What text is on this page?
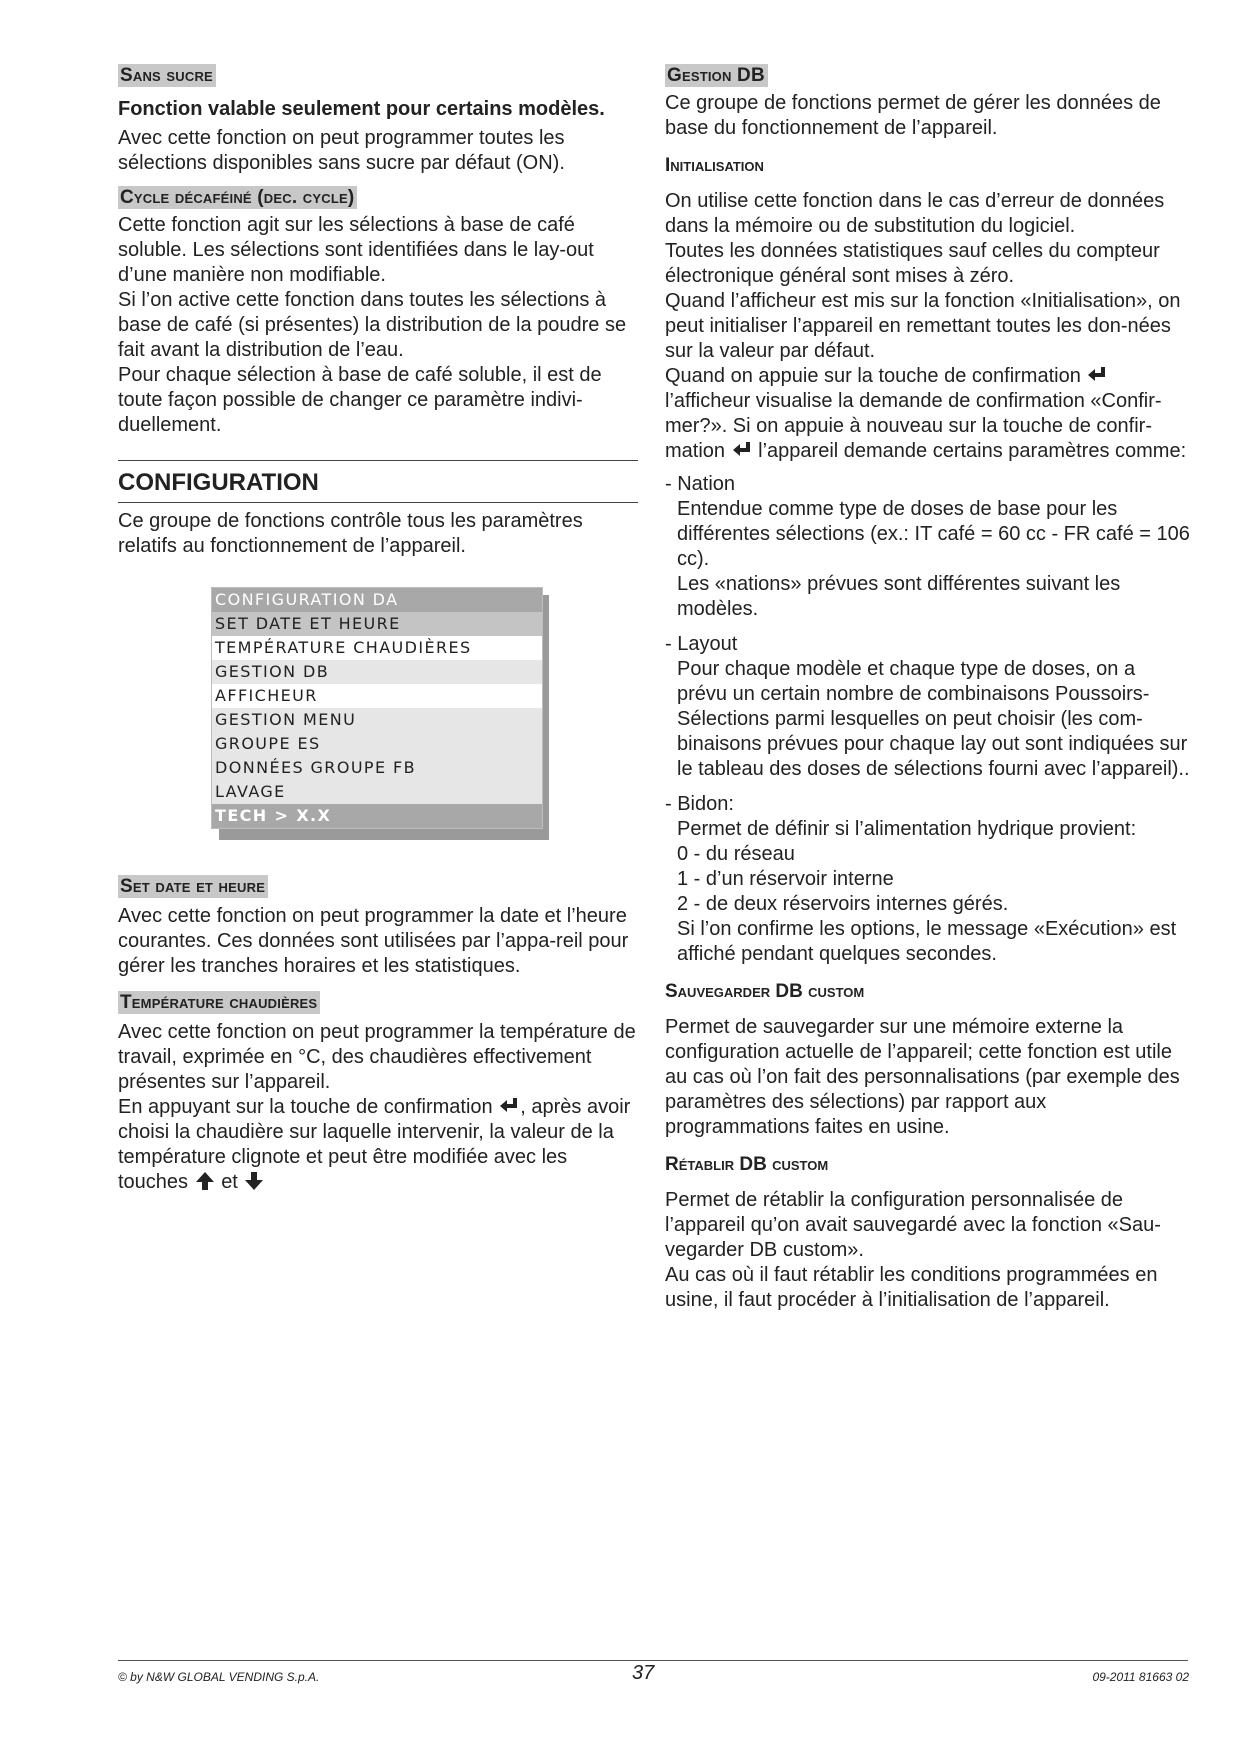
Sans sucre

Fonction valable seulement pour certains modèles.

Avec cette fonction on peut programmer toutes les sélections disponibles sans sucre par défaut (ON).

Cycle décaféiné (dec. cycle)

Cette fonction agit sur les sélections à base de café soluble. Les sélections sont identifiées dans le lay-out d’une manière non modifiable.

Si l’on active cette fonction dans toutes les sélections à base de café (si présentes) la distribution de la poudre se fait avant la distribution de l’eau.

Pour chaque sélection à base de café soluble, il est de toute façon possible de changer ce paramètre indivi-duellement.

CONFIGURATION

Ce groupe de fonctions contrôle tous les paramètres relatifs au fonctionnement de l’appareil.

CONFIGURATION DA
SET DATE ET HEURE
TEMPÉRATURE CHAUDIÈRES
GESTION DB
AFFICHEUR
GESTION MENU
GROUPE ES
DONNÉES GROUPE FB
LAVAGE
TECH > X.X
Set date et heure

Avec cette fonction on peut programmer la date et l’heure courantes. Ces données sont utilisées par l’appa-reil pour gérer les tranches horaires et les statistiques.

Température chaudières

Avec cette fonction on peut programmer la température de travail, exprimée en °C, des chaudières effectivement présentes sur l’appareil.

En appuyant sur la touche de confirmation , après avoir choisi la chaudière sur laquelle intervenir, la valeur de la température clignote et peut être modifiée avec les touches et

Gestion DB

Ce groupe de fonctions permet de gérer les données de base du fonctionnement de l’appareil.

Initialisation

On utilise cette fonction dans le cas d’erreur de données dans la mémoire ou de substitution du logiciel.

Toutes les données statistiques sauf celles du compteur électronique général sont mises à zéro.

Quand l’afficheur est mis sur la fonction «Initialisation», on peut initialiser l’appareil en remettant toutes les don-nées sur la valeur par défaut.

Quand on appuie sur la touche de confirmation  l’afficheur visualise la demande de confirmation «Confir-mer?». Si on appuie à nouveau sur la touche de confir-mation l’appareil demande certains paramètres comme:

- Nation

Entendue comme type de doses de base pour les différentes sélections (ex.: IT café = 60 cc - FR café = 106 cc).

Les «nations» prévues sont différentes suivant les modèles.

- Layout

Pour chaque modèle et chaque type de doses, on a prévu un certain nombre de combinaisons Poussoirs-Sélections parmi lesquelles on peut choisir (les com-binaisons prévues pour chaque lay out sont indiquées sur le tableau des doses de sélections fourni avec l’appareil)..

- Bidon:

Permet de définir si l’alimentation hydrique provient:

0 - du réseau

1 - d’un réservoir interne

2 - de deux réservoirs internes gérés.

Si l’on confirme les options, le message «Exécution» est affiché pendant quelques secondes.

Sauvegarder DB custom

Permet de sauvegarder sur une mémoire externe la configuration actuelle de l’appareil; cette fonction est utile au cas où l’on fait des personnalisations (par exemple des paramètres des sélections) par rapport aux programmations faites en usine.

Rétablir DB custom

Permet de rétablir la configuration personnalisée de l’appareil qu’on avait sauvegardé avec la fonction «Sau-vegarder DB custom».

Au cas où il faut rétablir les conditions programmées en usine, il faut procéder à l’initialisation de l’appareil.

© by N&W GLOBAL VENDING S.p.A.	37	09-2011 81663 02
